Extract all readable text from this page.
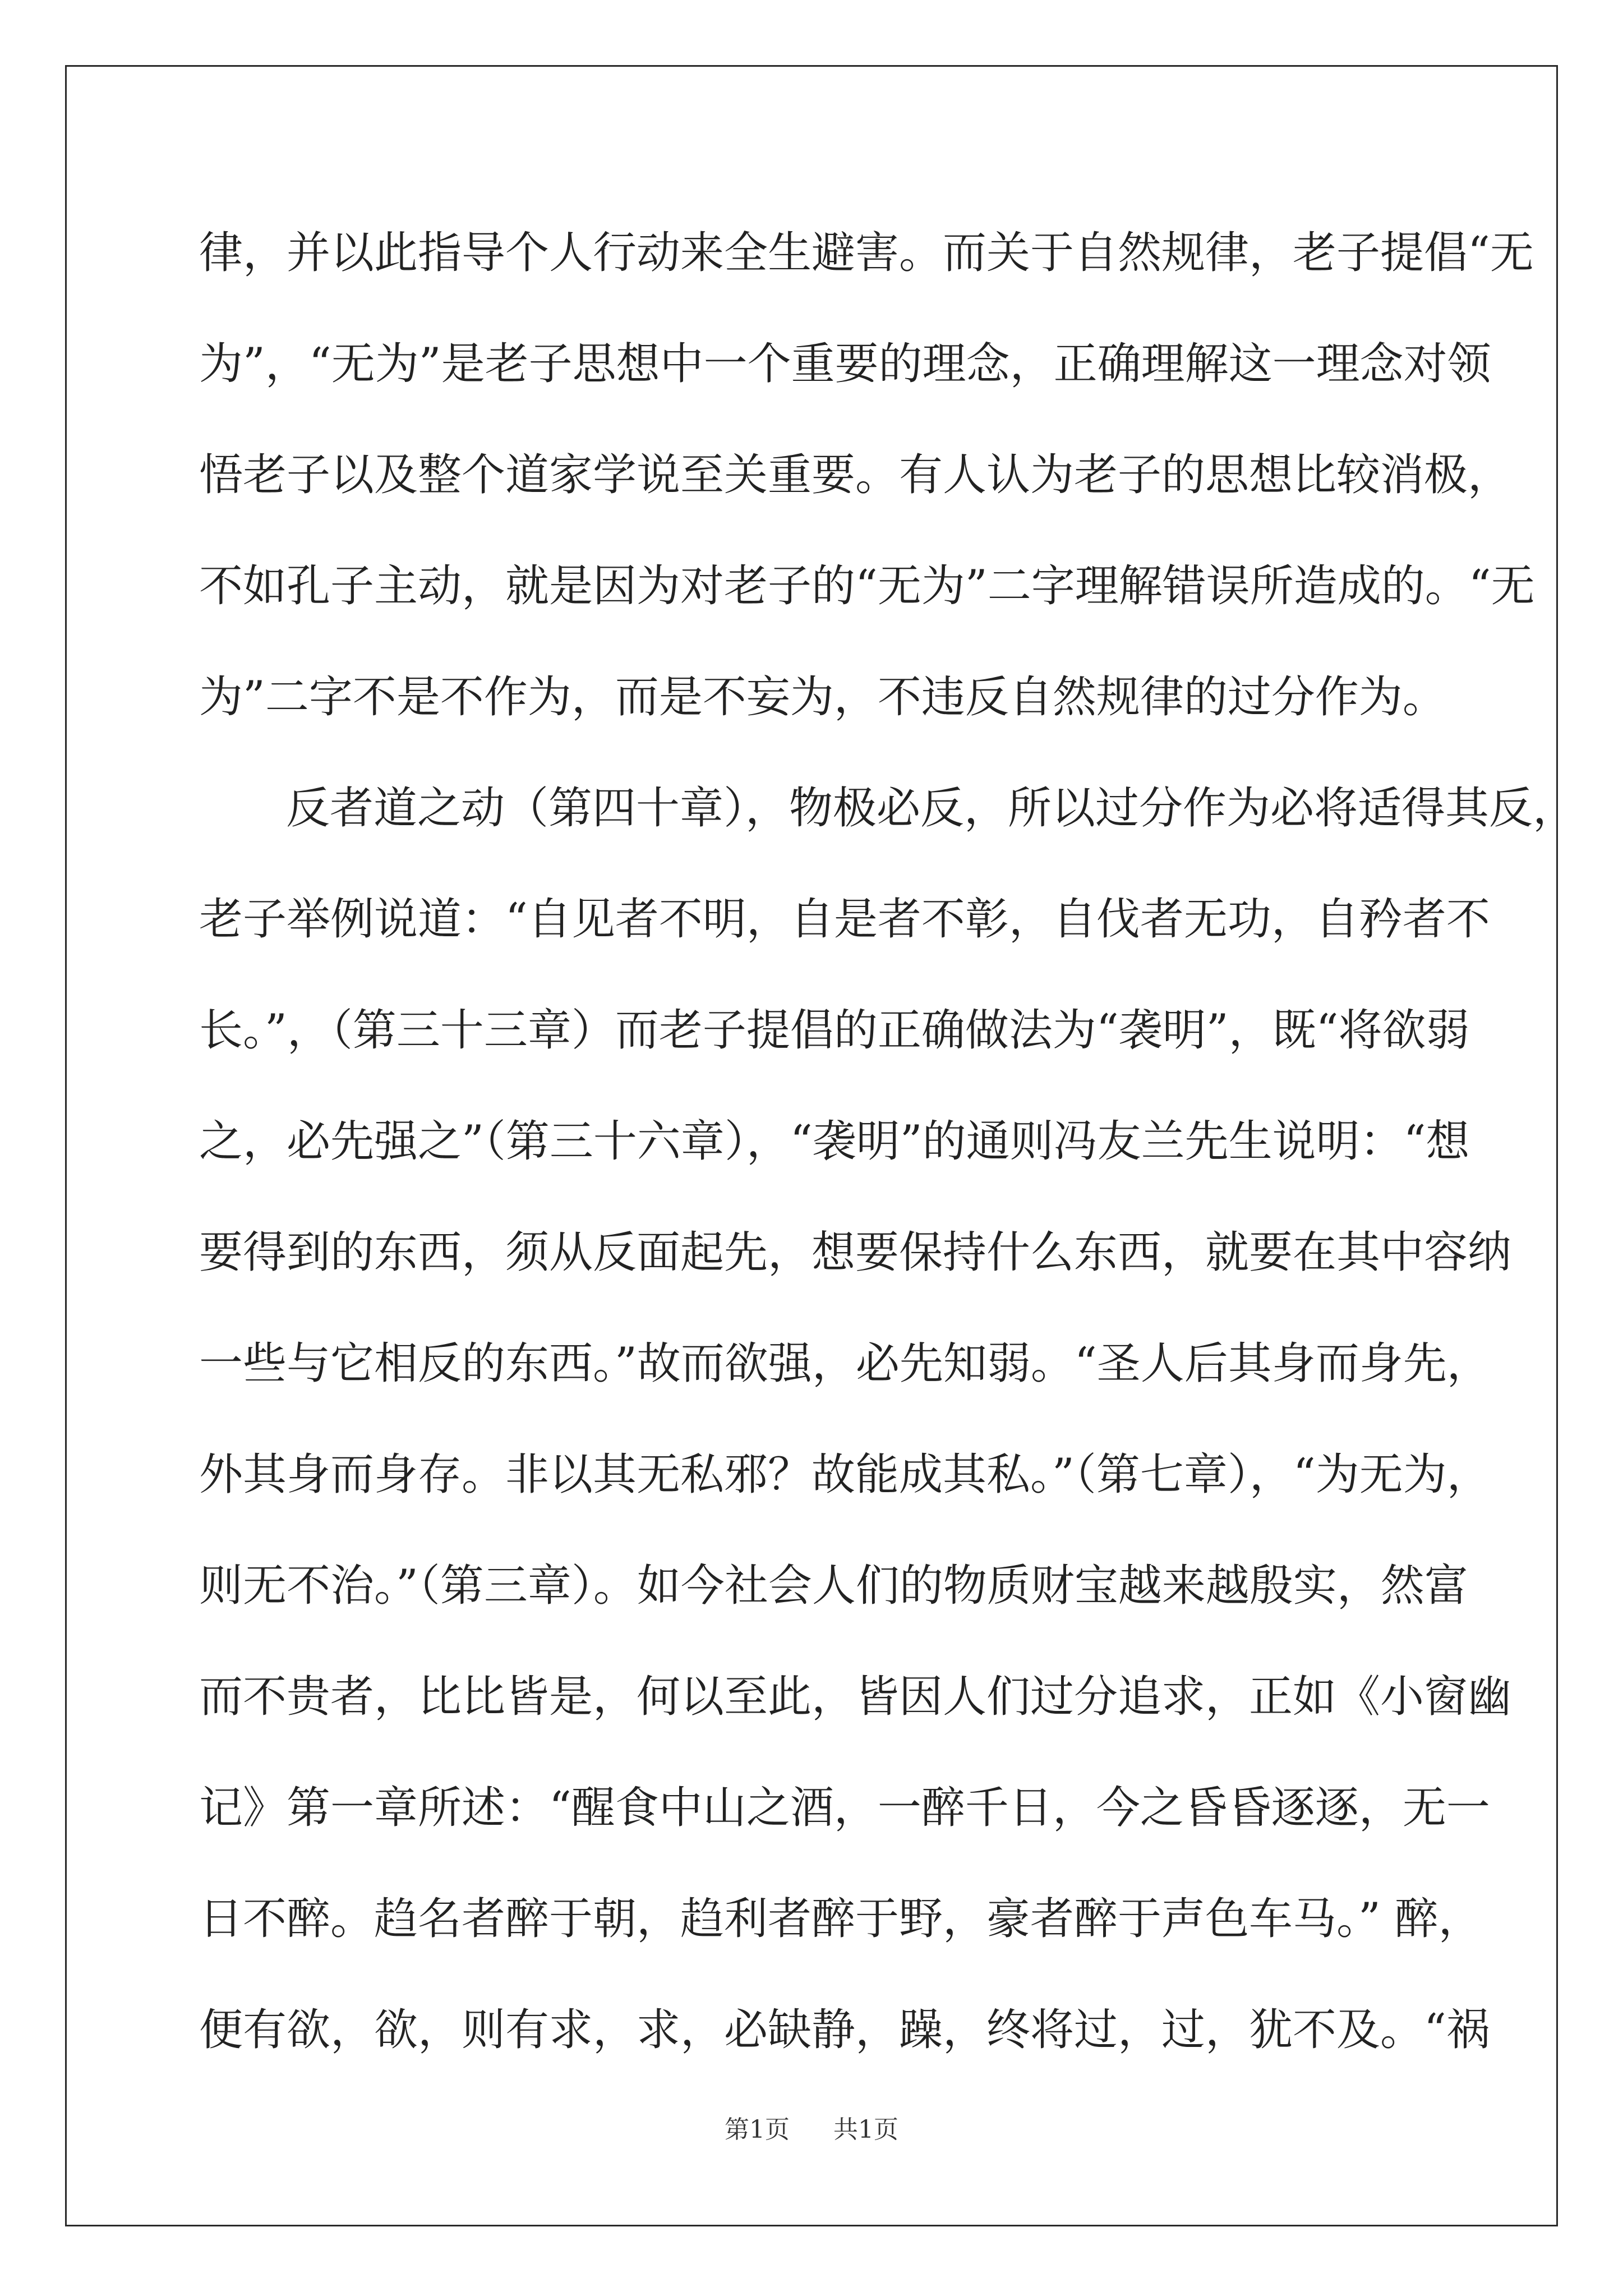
律，并以此指导个人行动来全生避害。而关于自然规律，老子提倡“无
为”，“无为”是老子思想中一个重要的理念，正确理解这一理念对领
悟老子以及整个道家学说至关重要。有人认为老子的思想比较消极，
不如孔子主动，就是因为对老子的“无为”二字理解错误所造成的。“无
为”二字不是不作为，而是不妄为，不违反自然规律的过分作为。
反者道之动（第四十章），物极必反，所以过分作为必将适得其反，
老子举例说道：“自见者不明，自是者不彰，自伐者无功，自矜者不
长。”，（第三十三章）而老子提倡的正确做法为“袭明”，既“将欲弱
之，必先强之”（第三十六章），“袭明”的通则冯友兰先生说明：“想
要得到的东西，须从反面起先，想要保持什么东西，就要在其中容纳
一些与它相反的东西。”故而欲强，必先知弱。“圣人后其身而身先，
外其身而身存。非以其无私邪？故能成其私。”（第七章），“为无为，
则无不治。”（第三章）。如今社会人们的物质财宝越来越殷实，然富
而不贵者，比比皆是，何以至此，皆因人们过分追求，正如《小窗幽
记》第一章所述：“醒食中山之酒，一醉千日，今之昏昏逐逐，无一
日不醉。趋名者醉于朝，趋利者醉于野，豪者醉于声色车马。” 醉，
便有欲，欲，则有求，求，必缺静，躁，终将过，过，犹不及。“祸
第1页 共1页
